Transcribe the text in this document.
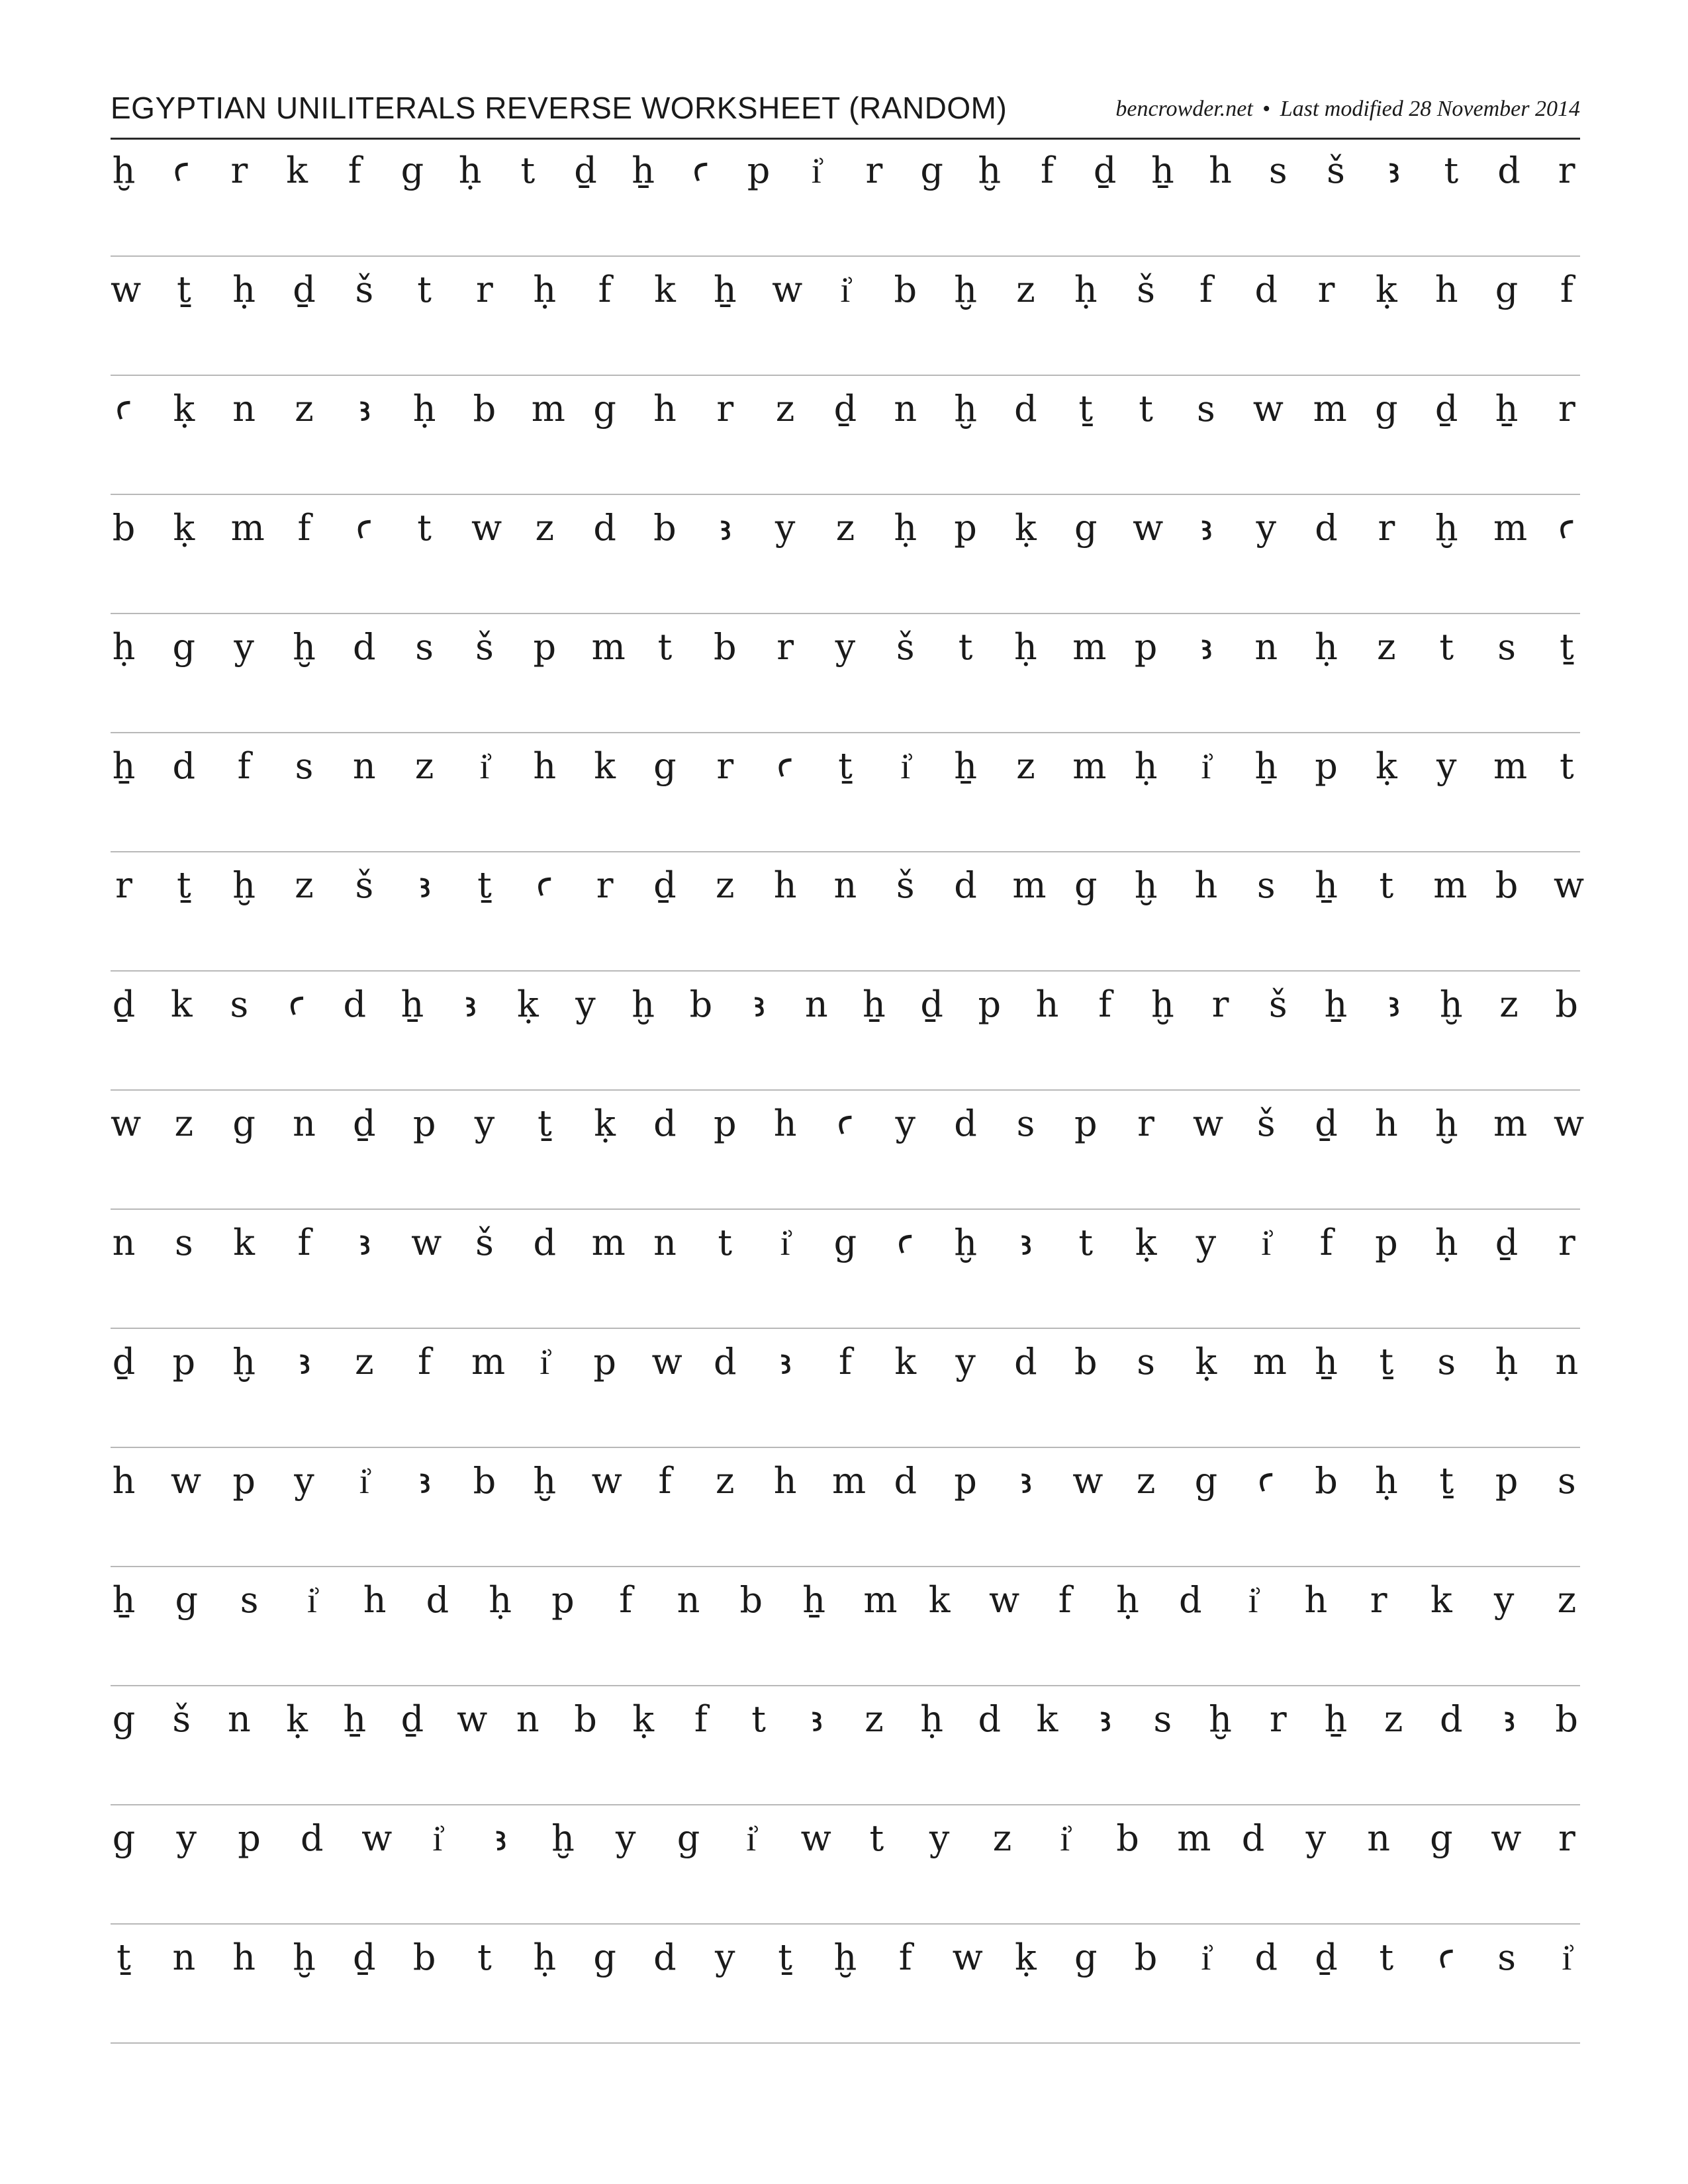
EGYPTIAN UNILITERALS REVERSE WORKSHEET (RANDOM)	bencrowder.net • Last modified 28 November 2014
ḫ ꜥ r k f g ḥ t ḏ ẖ ꜥ p i͗ r g ḫ f ḏ ẖ h s š ꜣ t d r
w ṯ ḥ ḏ š t r ḥ f k ẖ w i͗ b ḫ z ḥ š f d r ḳ h g f
ꜥ ḳ n z ꜣ ḥ b m g h r z ḏ n ḫ d ṯ t s w m g ḏ ẖ r
b ḳ m f ꜥ t w z d b ꜣ y z ḥ p ḳ g w ꜣ y d r ḫ m ꜥ
ḥ g y ḫ d s š p m t b r y š t ḥ m p ꜣ n ḥ z t s ṯ
ẖ d f s n z i͗ h k g r ꜥ ṯ i͗ ẖ z m ḥ i͗ ẖ p ḳ y m t
r ṯ ḫ z š ꜣ ṯ ꜥ r ḏ z h n š d m g ḫ h s ẖ t m b w
ḏ k s ꜥ d ẖ ꜣ ḳ y ḫ b ꜣ n ẖ ḏ p h f ḫ r š ẖ ꜣ ḫ z b
w z g n ḏ p y ṯ ḳ d p h ꜥ y d s p r w š ḏ h ḫ m w
n s k f ꜣ w š d m n t i͗ g ꜥ ḫ ꜣ t ḳ y i͗ f p ḥ ḏ r
ḏ p ḫ ꜣ z f m i͗ p w d ꜣ f k y d b s ḳ m ẖ ṯ s ḥ n
h w p y i͗ ꜣ b ḫ w f z h m d p ꜣ w z g ꜥ b ḥ ṯ p s
ẖ g s i͗ h d ḥ p f n b ẖ m k w f ḥ d i͗ h r k y z
g š n ḳ ẖ ḏ w n b ḳ f t ꜣ z ḥ d k ꜣ s ḫ r ẖ z d ꜣ b
g y p d w i͗ ꜣ ḫ y g i͗ w t y z i͗ b m d y n g w r
ṯ n h ḫ ḏ b t ḥ g d y ṯ ḫ f w ḳ g b i͗ d ḏ t ꜥ s i͗
